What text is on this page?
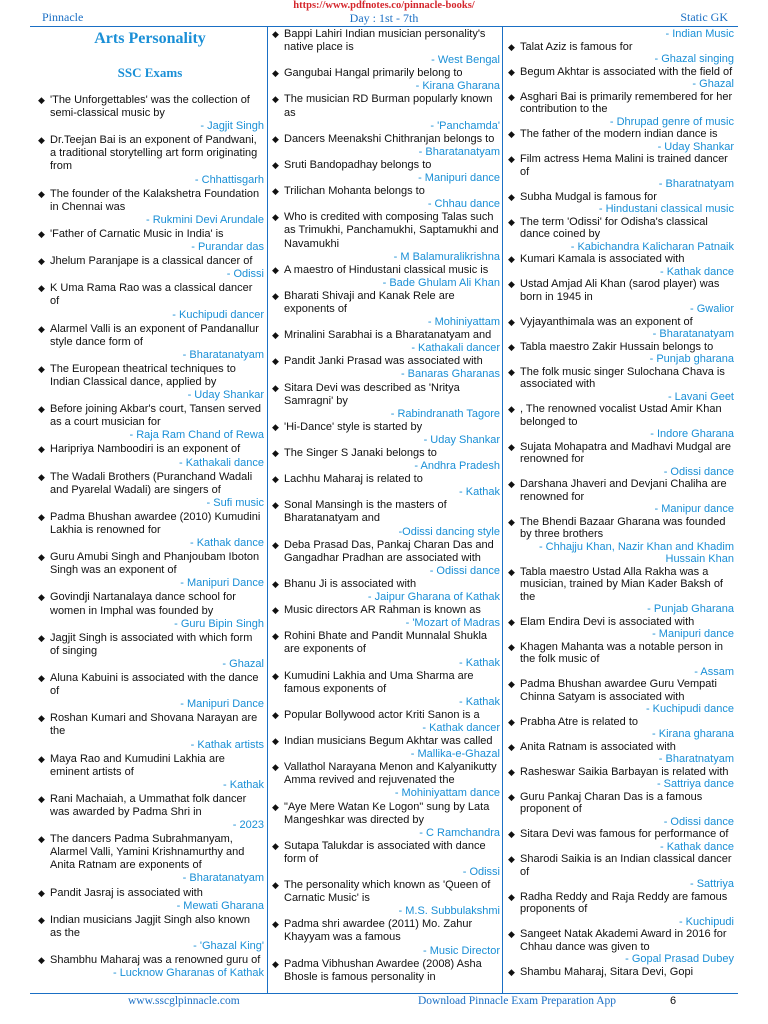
Pinnacle
https://www.pdfnotes.co/pinnacle-books/
Day : 1st - 7th	Static GK
Arts Personality
SSC Exams
◆ 'The Unforgettables' was the collection of semi-classical music by
- Jagjit Singh
◆ Dr.Teejan Bai is an exponent of Pandwani, a traditional storytelling art form originating from
- Chhattisgarh
◆ The founder of the Kalakshetra Foundation in Chennai was
- Rukmini Devi Arundale
◆ 'Father of Carnatic Music in India' is
- Purandar das
◆ Jhelum Paranjape is a classical dancer of
- Odissi
◆ K Uma Rama Rao was a classical dancer of
- Kuchipudi dancer
◆ Alarmel Valli is an exponent of Pandanallur style dance form of
- Bharatanatyam
◆ The European theatrical techniques to Indian Classical dance, applied by
- Uday Shankar
◆ Before joining Akbar's court, Tansen served as a court musician for
- Raja Ram Chand of Rewa
◆ Haripriya Namboodiri is an exponent of
- Kathakali dance
◆ The Wadali Brothers (Puranchand Wadali and Pyarelal Wadali) are singers of
- Sufi music
◆ Padma Bhushan awardee (2010) Kumudini Lakhia is renowned for
- Kathak dance
◆ Guru Amubi Singh and Phanjoubam Iboton Singh was an exponent of
- Manipuri Dance
◆ Govindji Nartanalaya dance school for women in Imphal was founded by
- Guru Bipin Singh
◆ Jagjit Singh is associated with which form of singing
- Ghazal
◆ Aluna Kabuini is associated with the dance of
- Manipuri Dance
◆ Roshan Kumari and Shovana Narayan are the
- Kathak artists
◆ Maya Rao and Kumudini Lakhia are eminent artists of
- Kathak
◆ Rani Machaiah, a Ummathat folk dancer was awarded by Padma Shri in
- 2023
◆ The dancers Padma Subrahmanyam, Alarmel Valli, Yamini Krishnamurthy and Anita Ratnam are exponents of
- Bharatanatyam
◆ Pandit Jasraj is associated with
- Mewati Gharana
◆ Indian musicians Jagjit Singh also known as the
- 'Ghazal King'
◆ Shambhu Maharaj was a renowned guru of
- Lucknow Gharanas of Kathak
◆ Bappi Lahiri Indian musician personality's native place is
- West Bengal
◆ Gangubai Hangal primarily belong to
- Kirana Gharana
◆ The musician RD Burman popularly known as
- 'Panchamda'
◆ Dancers Meenakshi Chithranjan belongs to
- Bharatanatyam
◆ Sruti Bandopadhay belongs to
- Manipuri dance
◆ Trilichan Mohanta belongs to
- Chhau dance
◆ Who is credited with composing Talas such as Trimukhi, Panchamukhi, Saptamukhi and Navamukhi
- M Balamuralikrishna
◆ A maestro of Hindustani classical music is
- Bade Ghulam Ali Khan
◆ Bharati Shivaji and Kanak Rele are exponents of
- Mohiniyattam
◆ Mrinalini Sarabhai is a Bharatanatyam and
- Kathakali dancer
◆ Pandit Janki Prasad was associated with
- Banaras Gharanas
◆ Sitara Devi was described as 'Nritya Samragni' by
- Rabindranath Tagore
◆ 'Hi-Dance' style is started by
- Uday Shankar
◆ The Singer S Janaki belongs to
- Andhra Pradesh
◆ Lachhu Maharaj is related to
- Kathak
◆ Sonal Mansingh is the masters of Bharatanatyam and
-Odissi dancing style
◆ Deba Prasad Das, Pankaj Charan Das and Gangadhar Pradhan are associated with
- Odissi dance
◆ Bhanu Ji is associated with
- Jaipur Gharana of Kathak
◆ Music directors AR Rahman is known as
- 'Mozart of Madras
◆ Rohini Bhate and Pandit Munnalal Shukla are exponents of
- Kathak
◆ Kumudini Lakhia and Uma Sharma are famous exponents of
- Kathak
◆ Popular Bollywood actor Kriti Sanon is a
- Kathak dancer
◆ Indian musicians Begum Akhtar was called
- Mallika-e-Ghazal
◆ Vallathol Narayana Menon and Kalyanikutty Amma revived and rejuvenated the
- Mohiniyattam dance
◆ "Aye Mere Watan Ke Logon" sung by Lata Mangeshkar was directed by
- C Ramchandra
◆ Sutapa Talukdar is associated with dance form of
- Odissi
◆ The personality which known as 'Queen of Carnatic Music' is
- M.S. Subbulakshmi
◆ Padma shri awardee (2011) Mo. Zahur Khayyam was a famous
- Music Director
◆ Padma Vibhushan Awardee (2008) Asha Bhosle is famous personality in
- Indian Music
◆ Talat Aziz is famous for
- Ghazal singing
◆ Begum Akhtar is associated with the field of
- Ghazal
◆ Asghari Bai is primarily remembered for her contribution to the
- Dhrupad genre of music
◆ The father of the modern indian dance is
- Uday Shankar
◆ Film actress Hema Malini is trained dancer of
- Bharatnatyam
◆ Subha Mudgal is famous for
- Hindustani classical music
◆ The term 'Odissi' for Odisha's classical dance coined by
- Kabichandra Kalicharan Patnaik
◆ Kumari Kamala is associated with
- Kathak dance
◆ Ustad Amjad Ali Khan (sarod player) was born in 1945 in
- Gwalior
◆ Vyjayanthimala was an exponent of
- Bharatanatyam
◆ Tabla maestro Zakir Hussain belongs to
- Punjab gharana
◆ The folk music singer Sulochana Chava is associated with
- Lavani Geet
◆ , The renowned vocalist Ustad Amir Khan belonged to
- Indore Gharana
◆ Sujata Mohapatra and Madhavi Mudgal are renowned for
- Odissi dance
◆ Darshana Jhaveri and Devjani Chaliha are renowned for
- Manipur dance
◆ The Bhendi Bazaar Gharana was founded by three brothers
- Chhajju Khan, Nazir Khan and Khadim Hussain Khan
◆ Tabla maestro Ustad Alla Rakha was a musician, trained by Mian Kader Baksh of the
- Punjab Gharana
◆ Elam Endira Devi is associated with
- Manipuri dance
◆ Khagen Mahanta was a notable person in the folk music of
- Assam
◆ Padma Bhushan awardee Guru Vempati Chinna Satyam is associated with
- Kuchipudi dance
◆ Prabha Atre is related to
- Kirana gharana
◆ Anita Ratnam is associated with
- Bharatnatyam
◆ Rasheswar Saikia Barbayan is related with
- Sattriya dance
◆ Guru Pankaj Charan Das is a famous proponent of
- Odissi dance
◆ Sitara Devi was famous for performance of
- Kathak dance
◆ Sharodi Saikia is an Indian classical dancer of
- Sattriya
◆ Radha Reddy and Raja Reddy are famous proponents of
- Kuchipudi
◆ Sangeet Natak Akademi Award in 2016 for Chhau dance was given to
- Gopal Prasad Dubey
◆ Shambu Maharaj, Sitara Devi, Gopi
www.sscglpinnacle.com	Download Pinnacle Exam Preparation App	6
